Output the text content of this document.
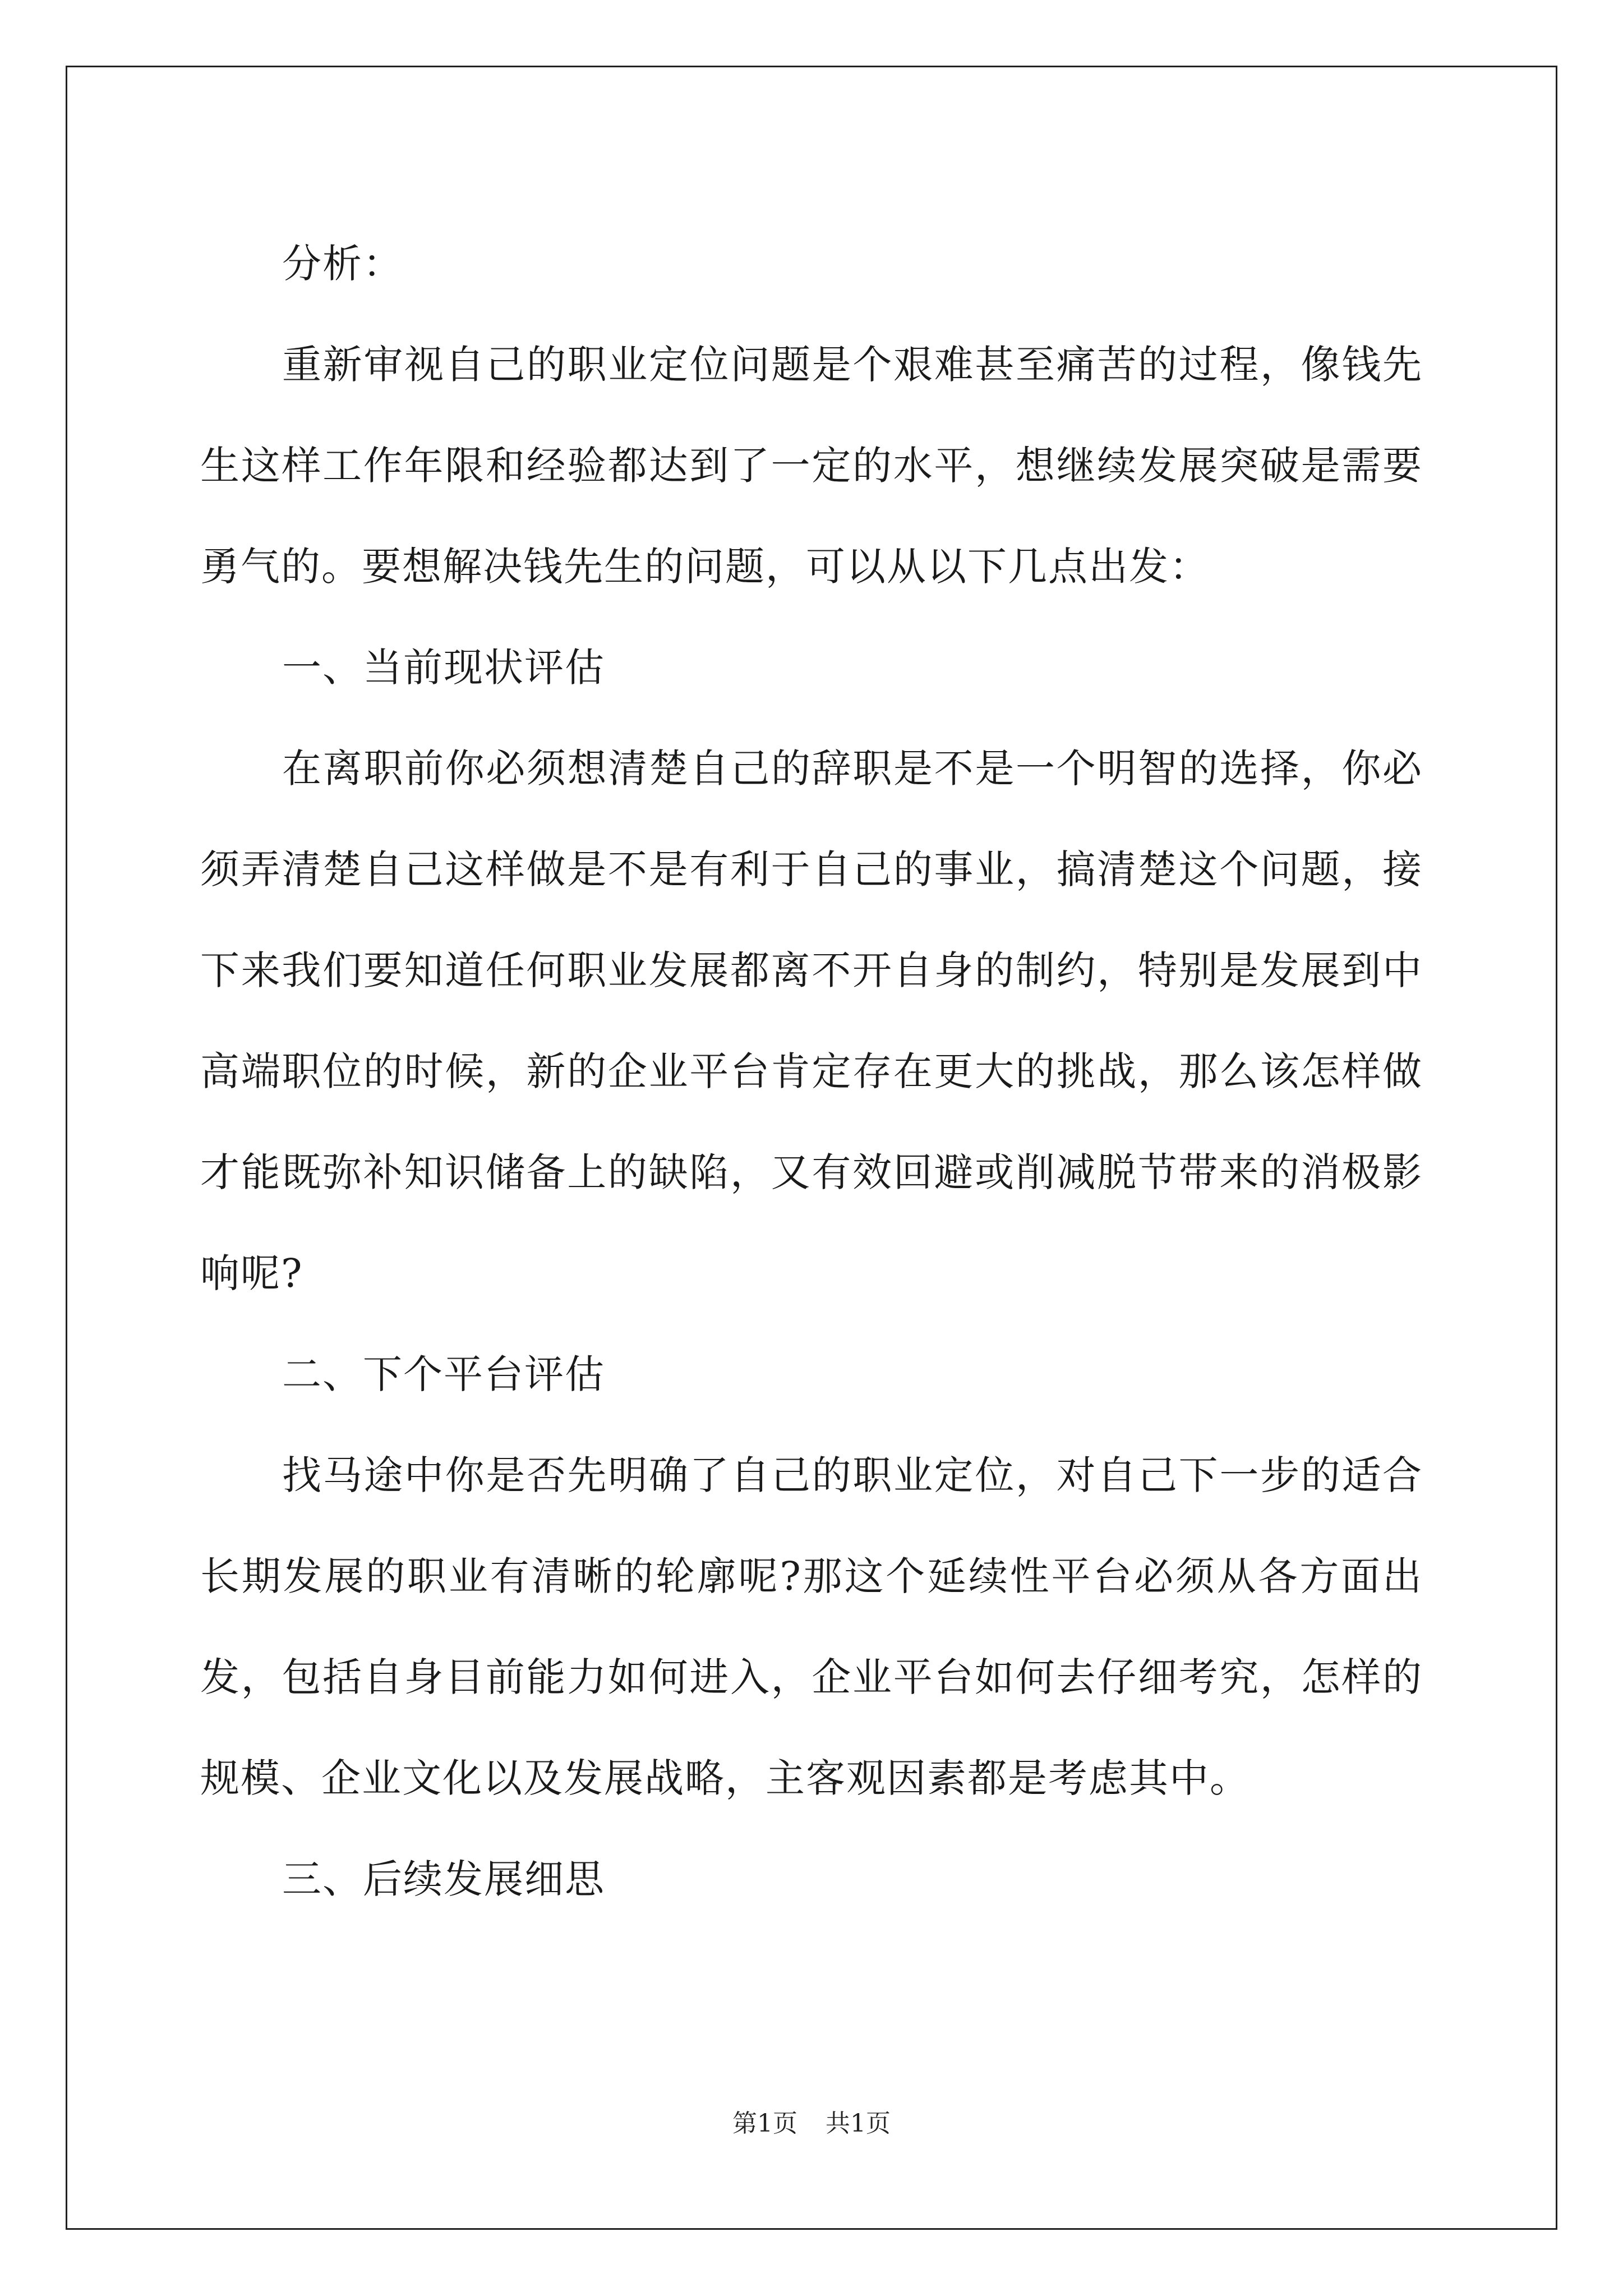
分析：

重新审视自己的职业定位问题是个艰难甚至痛苦的过程，像钱先生这样工作年限和经验都达到了一定的水平，想继续发展突破是需要勇气的。要想解决钱先生的问题，可以从以下几点出发：

一、当前现状评估

在离职前你必须想清楚自己的辞职是不是一个明智的选择，你必须弄清楚自己这样做是不是有利于自己的事业，搞清楚这个问题，接下来我们要知道任何职业发展都离不开自身的制约，特别是发展到中高端职位的时候，新的企业平台肯定存在更大的挑战，那么该怎样做才能既弥补知识储备上的缺陷，又有效回避或削减脱节带来的消极影响呢?

二、下个平台评估

找马途中你是否先明确了自己的职业定位，对自己下一步的适合长期发展的职业有清晰的轮廓呢?那这个延续性平台必须从各方面出发，包括自身目前能力如何进入，企业平台如何去仔细考究，怎样的规模、企业文化以及发展战略，主客观因素都是考虑其中。

三、后续发展细思

第1页 共1页
